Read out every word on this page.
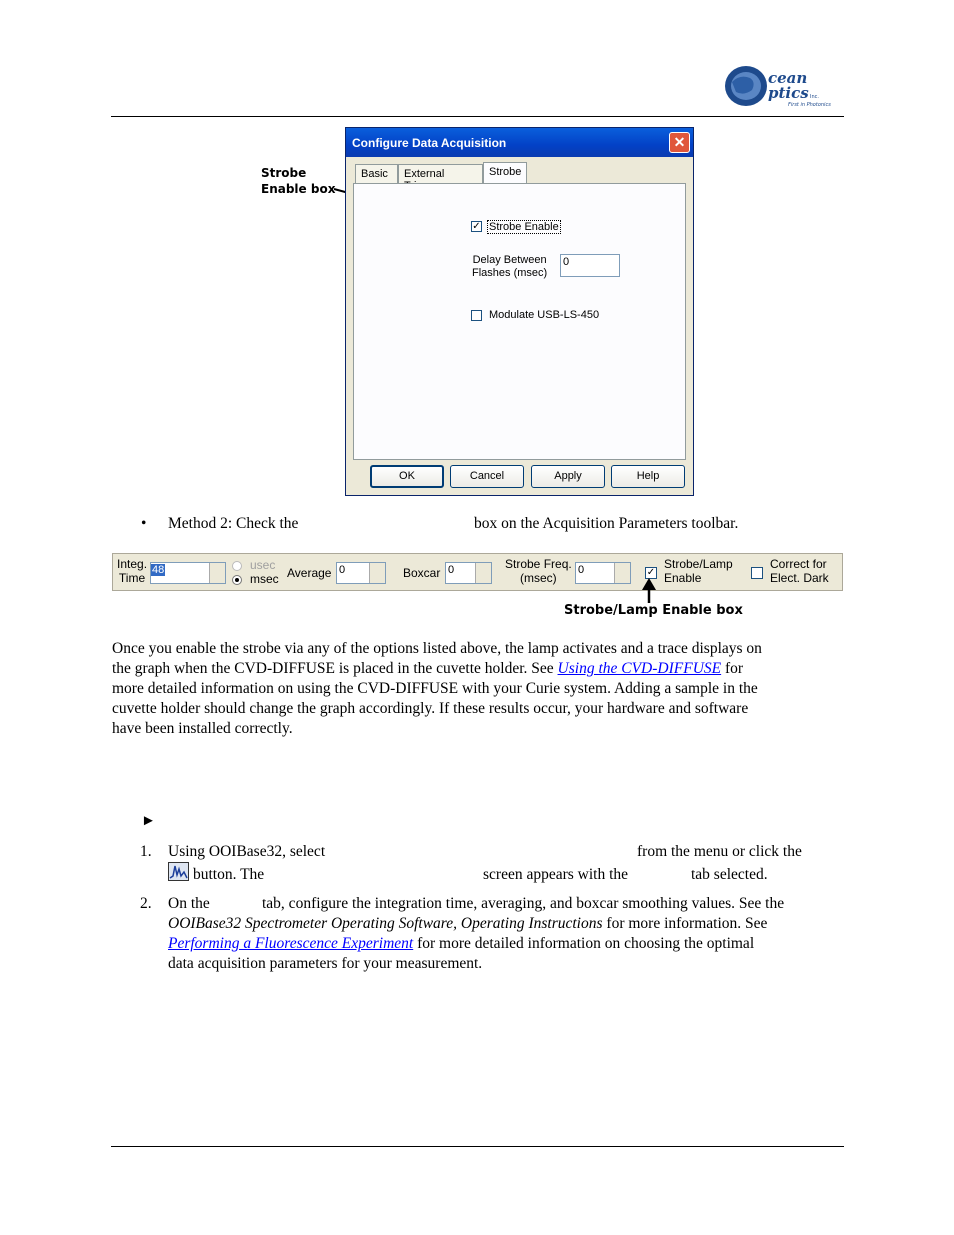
cean
ptics Inc.
First in Photonics
Strobe
Enable box
Configure Data Acquisition	✕
Basic	External	Strobe
✓ Strobe Enable
Delay Between
Flashes (msec)
0
Modulate USB-LS-450
OK	Cancel	Apply	Help
• Method 2: Check the	box on the Acquisition Parameters toolbar.
Integ.
Time
48	usec
msec Average 0	Boxcar 0	Strobe Freq.
(msec)
0	✓
Strobe/Lamp
Enable
Correct for
Elect. Dark
Strobe/Lamp Enable box
Once you enable the strobe via any of the options listed above, the lamp activates and a trace displays on
the graph when the CVD-DIFFUSE is placed in the cuvette holder. See Using the CVD-DIFFUSE for
more detailed information on using the CVD-DIFFUSE with your Curie system. Adding a sample in the
cuvette holder should change the graph accordingly. If these results occur, your hardware and software
have been installed correctly.
►
1. Using OOIBase32, select	from the menu or click the
button. The	screen appears with the	tab selected.
2. On the	tab, configure the integration time, averaging, and boxcar smoothing values. See the
OOIBase32 Spectrometer Operating Software, Operating Instructions for more information. See
Performing a Fluorescence Experiment for more detailed information on choosing the optimal
data acquisition parameters for your measurement.
